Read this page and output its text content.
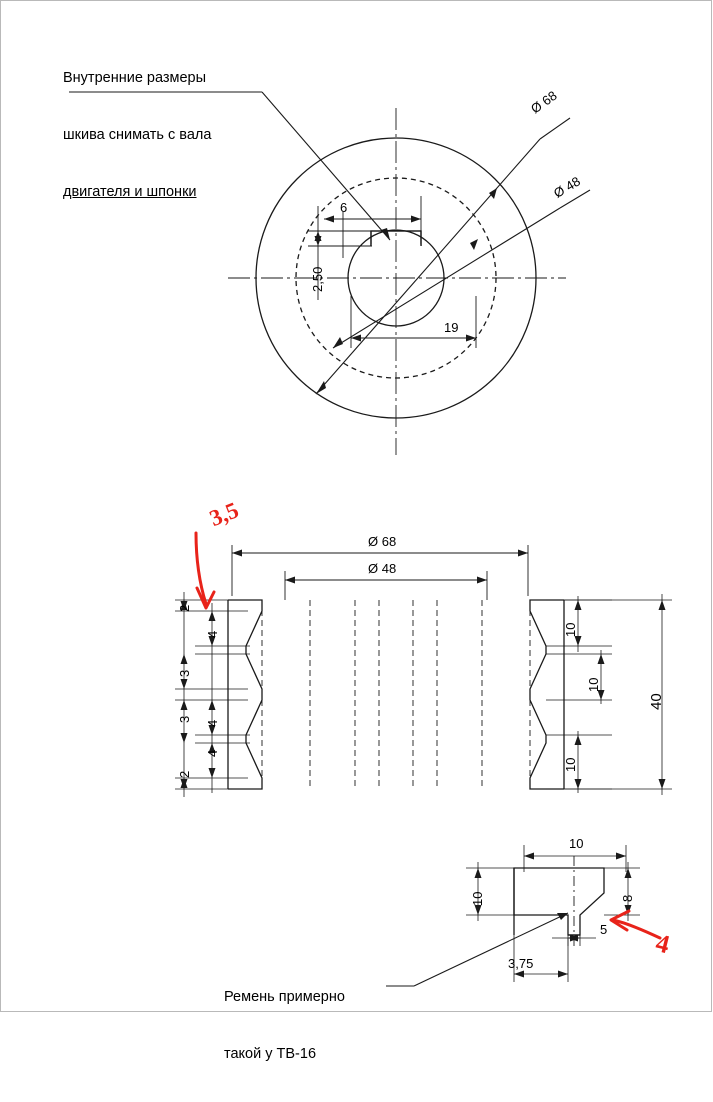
Внутренние размеры

шкива снимать с вала

двигателя и шпонки

Ø 68
Ø 48
6
2,50
19
Ø 68
Ø 48
2
4
3
4
3
4
2
10
10
10
40
3,5
10
10	8
5
3,75
4

Ремень примерно

такой у ТВ-16
